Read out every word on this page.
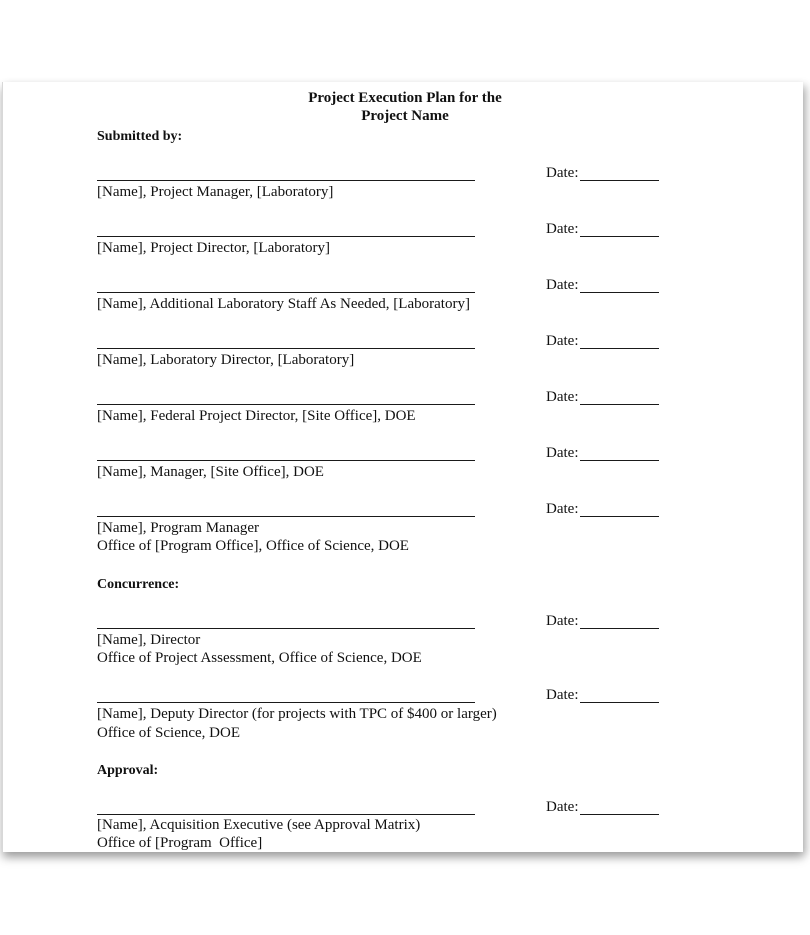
Project Execution Plan for the
Project Name
Submitted by:
Date:
[Name], Project Manager, [Laboratory]
Date:
[Name], Project Director, [Laboratory]
Date:
[Name], Additional Laboratory Staff As Needed, [Laboratory]
Date:
[Name], Laboratory Director, [Laboratory]
Date:
[Name], Federal Project Director, [Site Office], DOE
Date:
[Name], Manager, [Site Office], DOE
Date:
[Name], Program Manager
Office of [Program Office], Office of Science, DOE
Concurrence:
Date:
[Name], Director
Office of Project Assessment, Office of Science, DOE
Date:
[Name], Deputy Director (for projects with TPC of $400 or larger)
Office of Science, DOE
Approval:
Date:
[Name], Acquisition Executive (see Approval Matrix)
Office of [Program  Office]
